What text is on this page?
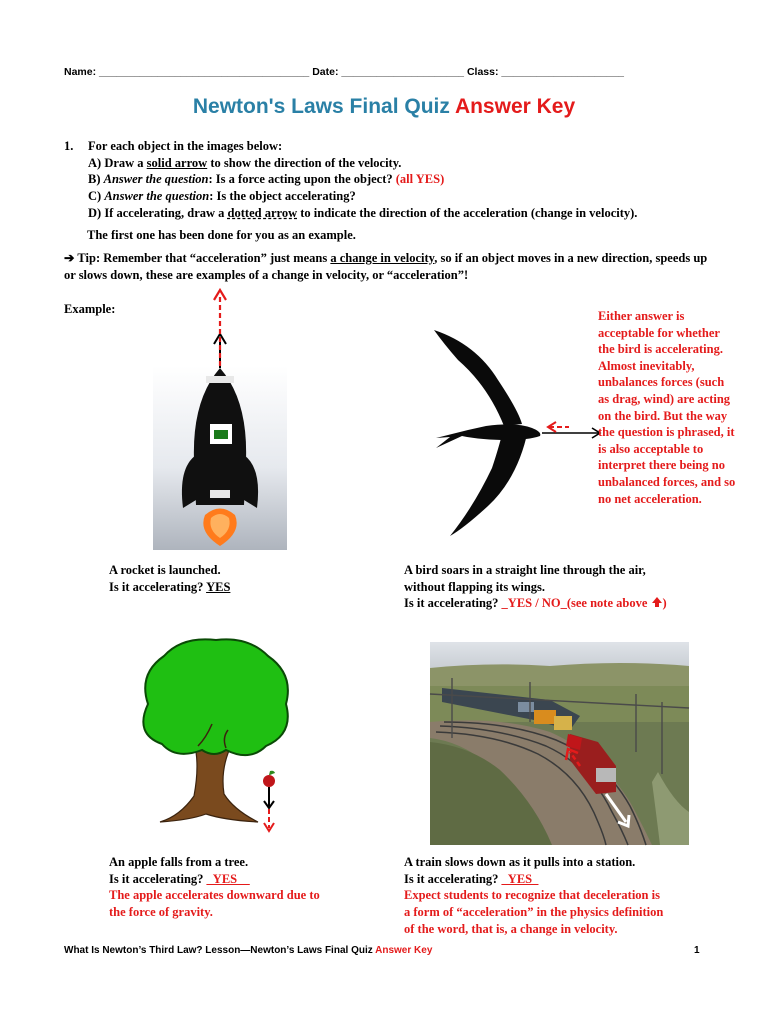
Name: ____________________________________ Date: _____________________ Class: _____________________
Newton's Laws Final Quiz Answer Key
1. For each object in the images below:
A) Draw a solid arrow to show the direction of the velocity.
B) Answer the question: Is a force acting upon the object? (all YES)
C) Answer the question: Is the object accelerating?
D) If accelerating, draw a dotted arrow to indicate the direction of the acceleration (change in velocity).
The first one has been done for you as an example.
➔ Tip: Remember that “acceleration” just means a change in velocity, so if an object moves in a new direction, speeds up or slows down, these are examples of a change in velocity, or “acceleration”!
Example:	Either answer is acceptable for whether the bird is accelerating. Almost inevitably, unbalances forces (such as drag, wind) are acting on the bird. But the way the question is phrased, it is also acceptable to interpret there being no unbalanced forces, and so no net acceleration.
A rocket is launched.
Is it accelerating? YES
A bird soars in a straight line through the air,
without flapping its wings.
Is it accelerating? _YES / NO_(see note above )
An apple falls from a tree.
Is it accelerating? _YES__
The apple accelerates downward due to
the force of gravity.
A train slows down as it pulls into a station.
Is it accelerating? _YES_
Expect students to recognize that deceleration is
a form of “acceleration” in the physics definition
of the word, that is, a change in velocity.
What Is Newton’s Third Law? Lesson—Newton’s Laws Final Quiz Answer Key	1
